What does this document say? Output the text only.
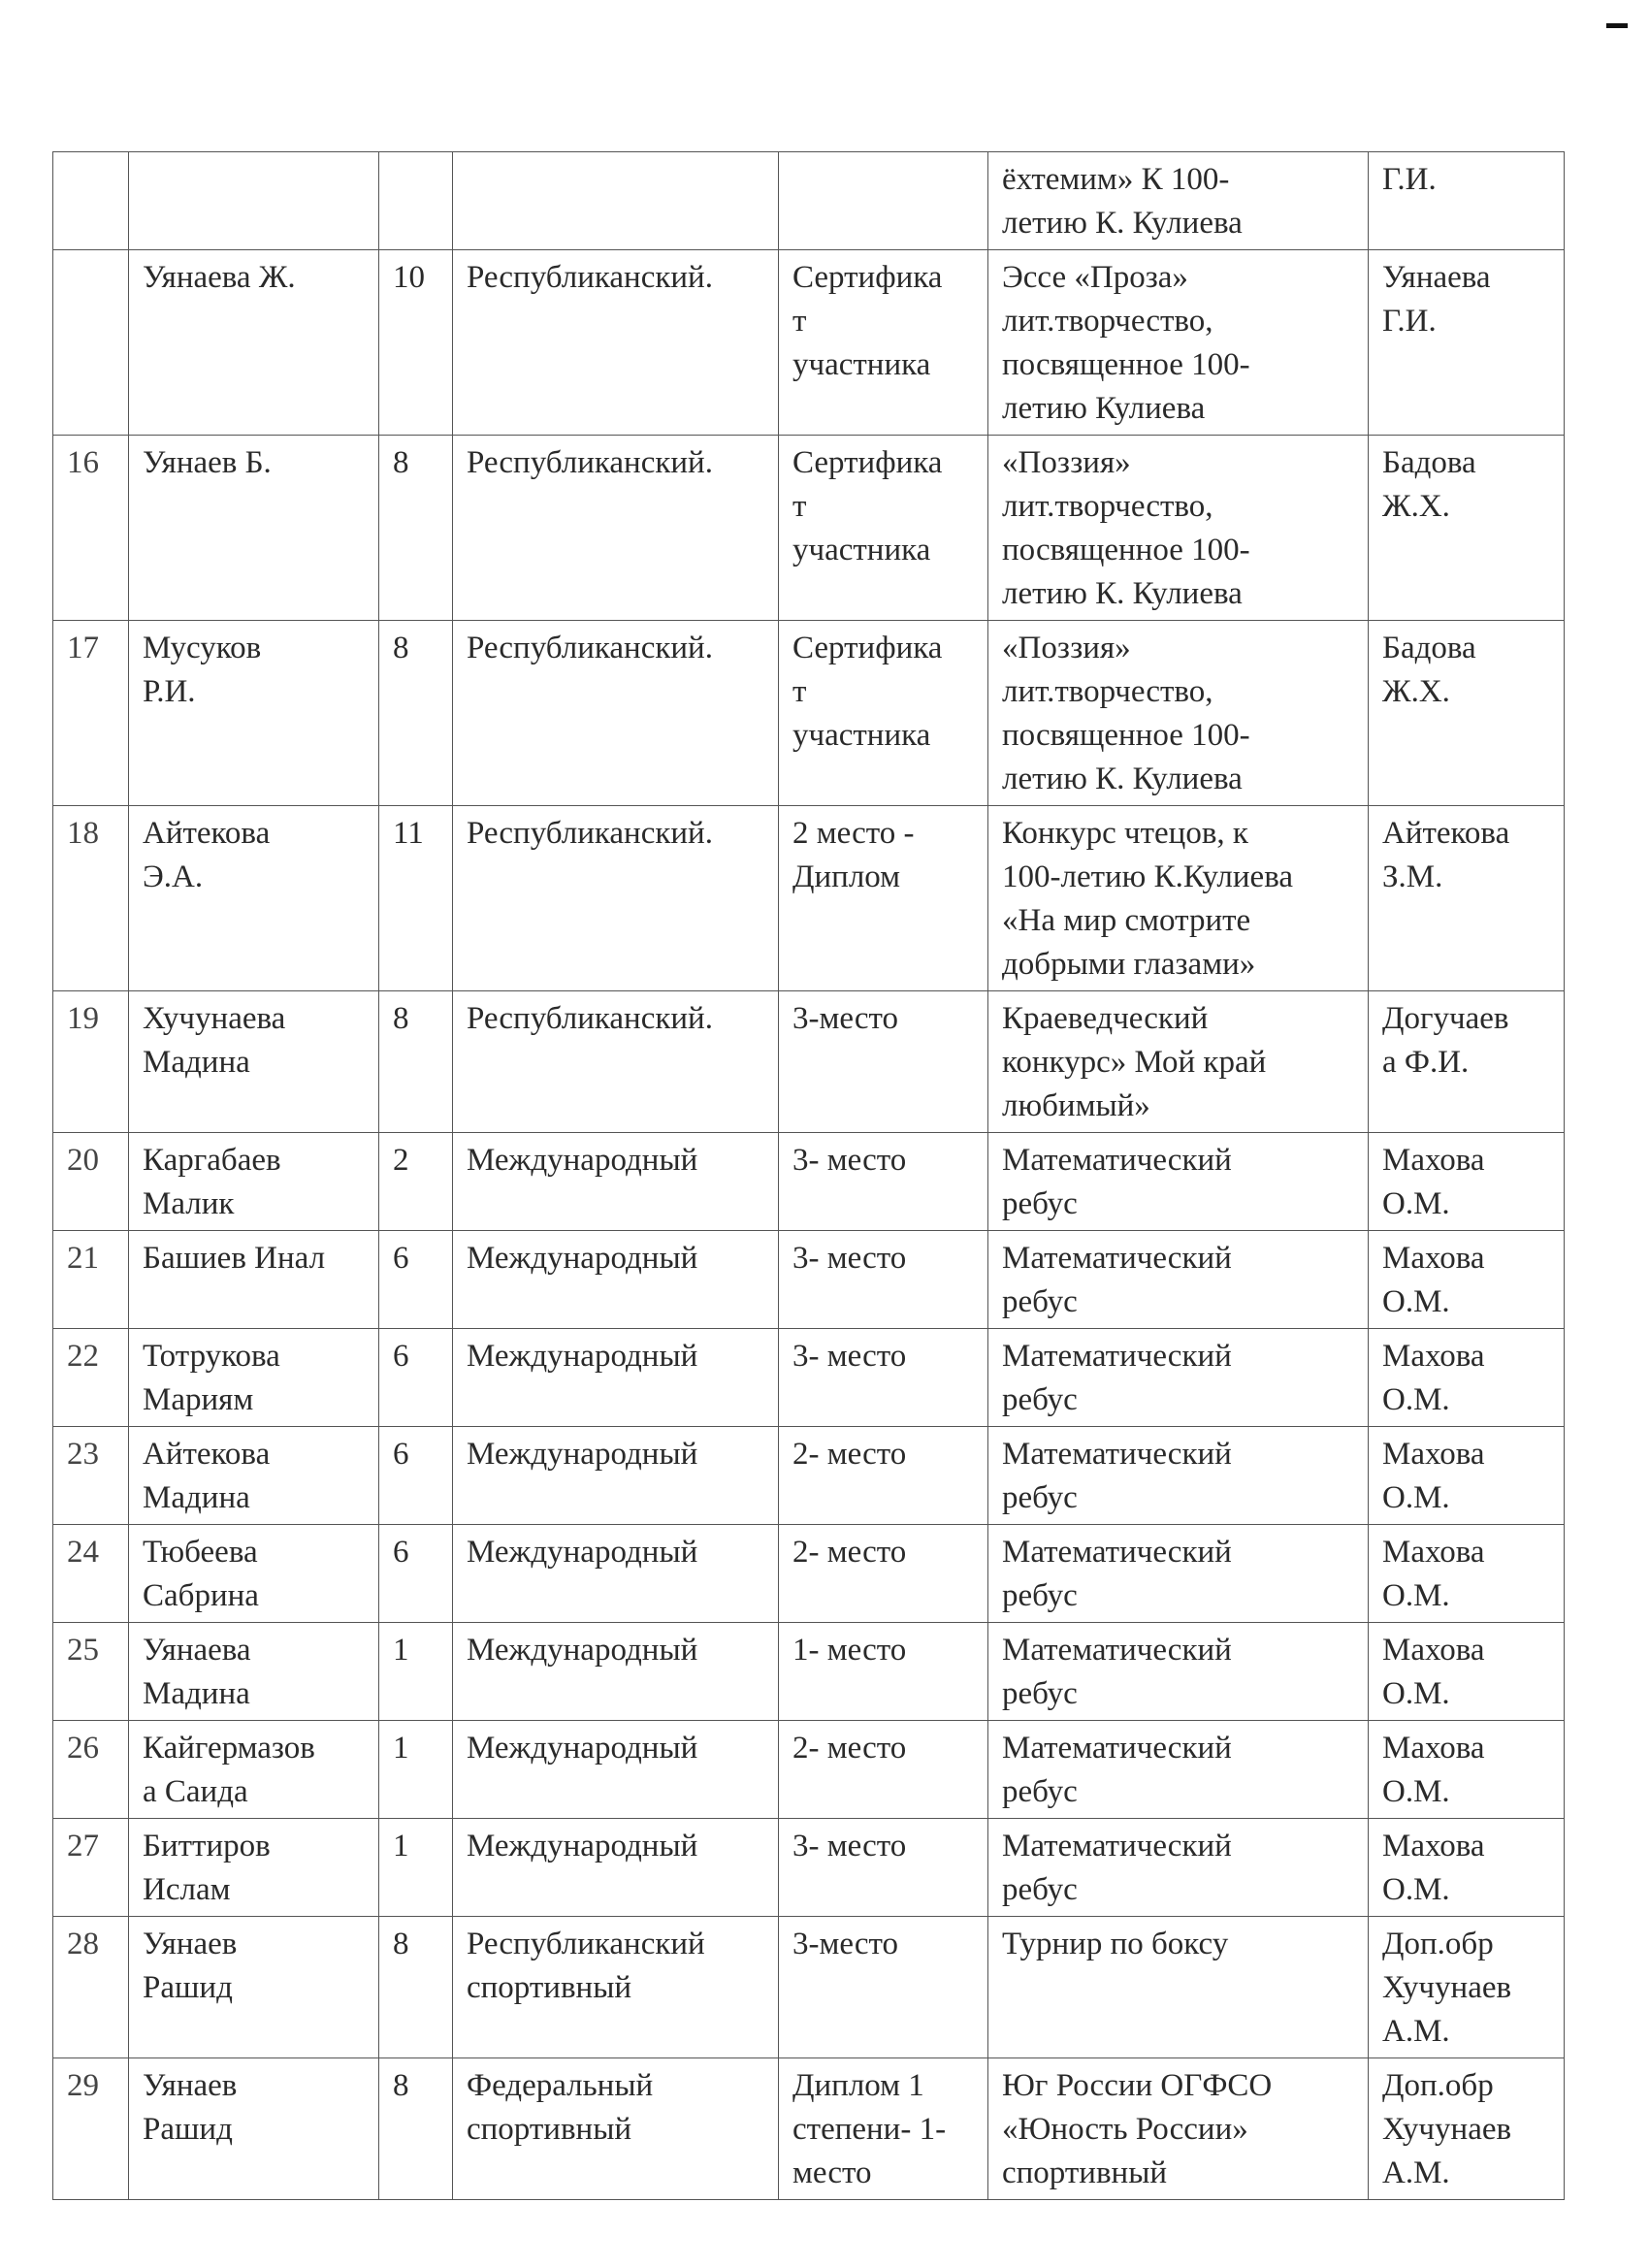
					ёхтемим» К 100-
летию К. Кулиева	Г.И.
	Уянаева Ж.	10	Республиканский.	Сертифика
т
участника	Эссе «Проза»
лит.творчество,
посвященное 100-
летию Кулиева	Уянаева
Г.И.
16	Уянаев Б.	8	Республиканский.	Сертифика
т
участника	«Поззия»
лит.творчество,
посвященное 100-
летию К. Кулиева	Бадова
Ж.Х.
17	Мусуков
Р.И.	8	Республиканский.	Сертифика
т
участника	«Поззия»
лит.творчество,
посвященное 100-
летию К. Кулиева	Бадова
Ж.Х.
18	Айтекова
Э.А.	11	Республиканский.	2 место -
Диплом	Конкурс чтецов, к
100-летию К.Кулиева
«На мир смотрите
добрыми глазами»	Айтекова
З.М.
19	Хучунаева
Мадина	8	Республиканский.	3-место	Краеведческий
конкурс» Мой край
любимый»	Догучаев
а Ф.И.
20	Каргабаев
Малик	2	Международный	3- место	Математический
ребус	Махова
О.М.
21	Башиев Инал	6	Международный	3- место	Математический
ребус	Махова
О.М.
22	Тотрукова
Мариям	6	Международный	3- место	Математический
ребус	Махова
О.М.
23	Айтекова
Мадина	6	Международный	2- место	Математический
ребус	Махова
О.М.
24	Тюбеева
Сабрина	6	Международный	2- место	Математический
ребус	Махова
О.М.
25	Уянаева
Мадина	1	Международный	1- место	Математический
ребус	Махова
О.М.
26	Кайгермазов
а Саида	1	Международный	2- место	Математический
ребус	Махова
О.М.
27	Биттиров
Ислам	1	Международный	3- место	Математический
ребус	Махова
О.М.
28	Уянаев
Рашид	8	Республиканский
спортивный	3-место	Турнир по боксу	Доп.обр
Хучунаев
А.М.
29	Уянаев
Рашид	8	Федеральный
спортивный	Диплом 1
степени- 1-
место	Юг России ОГФСО
«Юность России»
спортивный	Доп.обр
Хучунаев
А.М.
